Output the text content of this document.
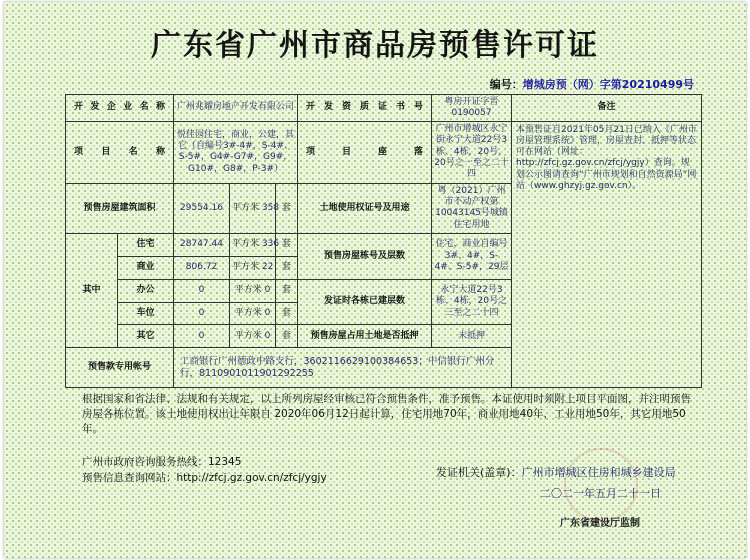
广东省广州市商品房预售许可证
编号：增城房预（网）字第20210499号
开发企业名称		广州兆耀房地产开发有限公司			开发资质证书号	粤房开证字晋0190057	备注
项目名称		悦佳园住宅，商业，公建，其它（自编号3#-4#，S-4#、S-5#，G4#-G7#，G9#，G10#，G8#，P-3#）			项目座落	广州市增城区永宁街永宁大道22号3栋、4栋，20号、20号之一至之二十四	本预售证自2021年05月21日已纳入《广州市房屋管理系统》管理，房屋查封、抵押等状态可在网站（网址：http://zfcj.gz.gov.cn/zfcj/ygjy）查询。规划公示图请查询“广州市规划和自然资源局”网站（www.ghzyj.gz.gov.cn）。
预售房屋建筑面积		29554.16	平方米 358	套	土地使用权证号及用途	粤（2021）广州市不动产权第10043145号城镇住宅用地	
其中	住宅	28747.44	平方米 336	套	预售房屋栋号及层数	住宅，商业自编号3#、4#，S-4#、S-5#，29层	
	商业	806.72	平方米 22	套			
	办公	0	平方米 0	套	发证时各栋已建层数	永宁大道22号3栋、4栋，20号之三至之二十四	
	车位	0	平方米 0	套			
	其它	0	平方米 0	套	预售房屋占用土地是否抵押	未抵押	
预售款专用帐号		工商银行广州德政中路支行，3602116629100384653；中信银行广州分行，811090101190​1292255				
根据国家和省法律、法规和有关规定，以上所列房屋经审核已符合预售条件，准予预售。本证使用时须附上项目平面图，并注明预售房屋各栋位置。该土地使用权出让年限自 2020年06月12日起计算，住宅用地70年，商业用地40年，工业用地50年，其它用地50年。
广州市政府咨询服务热线：12345
预售信息查询网站：http://zfcj.gz.gov.cn/zfcj/ygjy	发证机关(盖章)：广州市增城区住房和城乡建设局
二〇二一年五月二十一日
广东省建设厅监制
